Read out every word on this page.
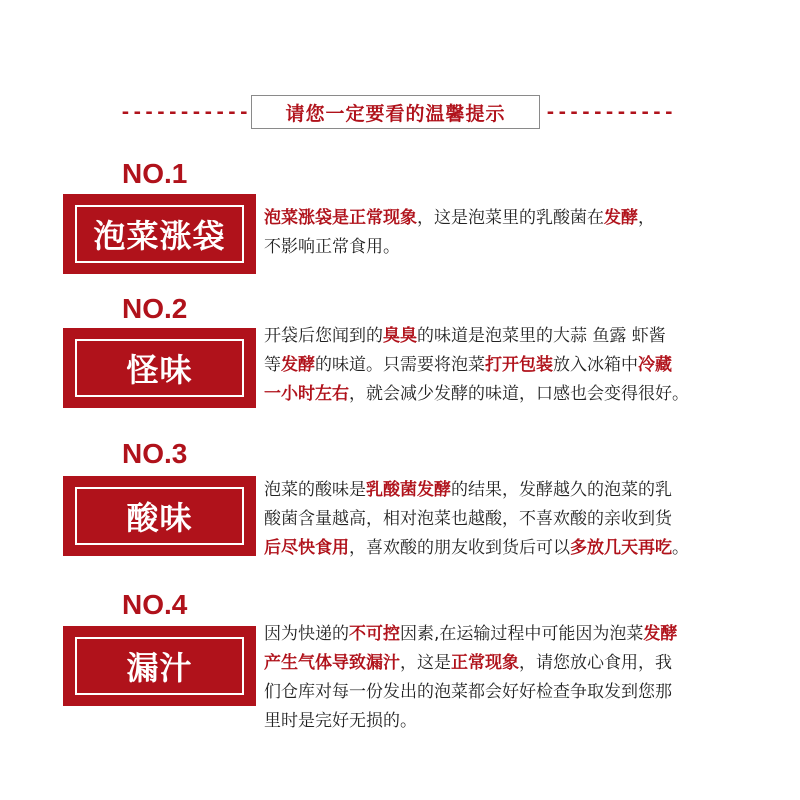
----------- 请您一定要看的温馨提示 -----------
NO.1
泡菜涨袋	泡菜涨袋是正常现象，这是泡菜里的乳酸菌在发酵，
不影响正常食用。
NO.2
怪味
开袋后您闻到的臭臭的味道是泡菜里的大蒜 鱼露 虾酱
等发酵的味道。只需要将泡菜打开包装放入冰箱中冷藏
一小时左右，就会减少发酵的味道，口感也会变得很好。
NO.3
酸味
泡菜的酸味是乳酸菌发酵的结果，发酵越久的泡菜的乳
酸菌含量越高，相对泡菜也越酸，不喜欢酸的亲收到货
后尽快食用，喜欢酸的朋友收到货后可以多放几天再吃。
NO.4
漏汁
因为快递的不可控因素,在运输过程中可能因为泡菜发酵
产生气体导致漏汁，这是正常现象，请您放心食用，我
们仓库对每一份发出的泡菜都会好好检查争取发到您那
里时是完好无损的。
